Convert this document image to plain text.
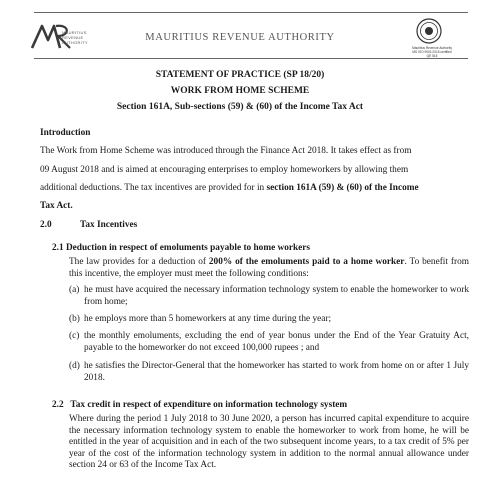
MAURITIUS
REVENUE
AUTHORITY	MAURITIUS REVENUE AUTHORITY
Mauritius Revenue Authority
MS ISO 9001:2015 certified
QE 515
STATEMENT OF PRACTICE (SP 18/20)
WORK FROM HOME SCHEME
Section 161A, Sub-sections (59) & (60) of the Income Tax Act
Introduction
The Work from Home Scheme was introduced through the Finance Act 2018. It takes effect as from
09 August 2018 and is aimed at encouraging enterprises to employ homeworkers by allowing them
additional deductions. The tax incentives are provided for in section 161A (59) & (60) of the Income
Tax Act.
2.0	Tax Incentives
2.1 Deduction in respect of emoluments payable to home workers
The law provides for a deduction of 200% of the emoluments paid to a home worker. To benefit from this incentive, the employer must meet the following conditions:
(a) he must have acquired the necessary information technology system to enable the homeworker to work from home;
(b) he employs more than 5 homeworkers at any time during the year;
(c) the monthly emoluments, excluding the end of year bonus under the End of the Year Gratuity Act, payable to the homeworker do not exceed 100,000 rupees ; and
(d) he satisfies the Director-General that the homeworker has started to work from home on or after 1 July 2018.
2.2   Tax credit in respect of expenditure on information technology system
Where during the period 1 July 2018 to 30 June 2020, a person has incurred capital expenditure to acquire the necessary information technology system to enable the homeworker to work from home, he will be entitled in the year of acquisition and in each of the two subsequent income years, to a tax credit of 5% per year of the cost of the information technology system in addition to the normal annual allowance under section 24 or 63 of the Income Tax Act.
